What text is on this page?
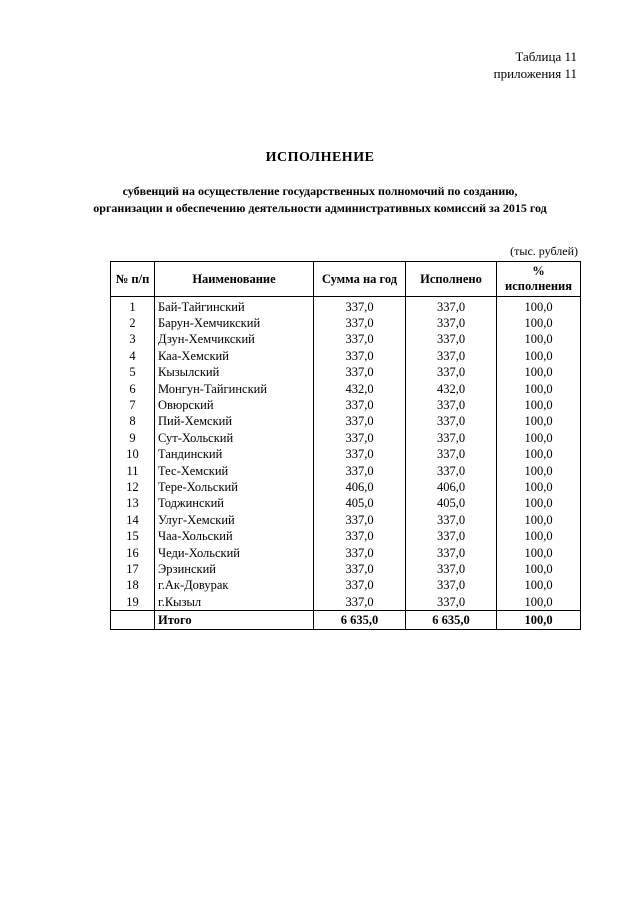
Таблица 11
приложения 11
ИСПОЛНЕНИЕ
субвенций на осуществление государственных полномочий по созданию,
организации и обеспечению деятельности административных комиссий за 2015 год
(тыс. рублей)
№ п/п	Наименование	Сумма на год	Исполнено	%
исполнения

1	Бай-Тайгинский	337,0	337,0	100,0
2	Барун-Хемчикский	337,0	337,0	100,0
3	Дзун-Хемчикский	337,0	337,0	100,0
4	Каа-Хемский	337,0	337,0	100,0
5	Кызылский	337,0	337,0	100,0
6	Монгун-Тайгинский	432,0	432,0	100,0
7	Овюрский	337,0	337,0	100,0
8	Пий-Хемский	337,0	337,0	100,0
9	Сут-Хольский	337,0	337,0	100,0
10	Тандинский	337,0	337,0	100,0
11	Тес-Хемский	337,0	337,0	100,0
12	Тере-Хольский	406,0	406,0	100,0
13	Тоджинский	405,0	405,0	100,0
14	Улуг-Хемский	337,0	337,0	100,0
15	Чаа-Хольский	337,0	337,0	100,0
16	Чеди-Хольский	337,0	337,0	100,0
17	Эрзинский	337,0	337,0	100,0
18	г.Ак-Довурак	337,0	337,0	100,0
19	г.Кызыл	337,0	337,0	100,0
	Итого	6 635,0	6 635,0	100,0
